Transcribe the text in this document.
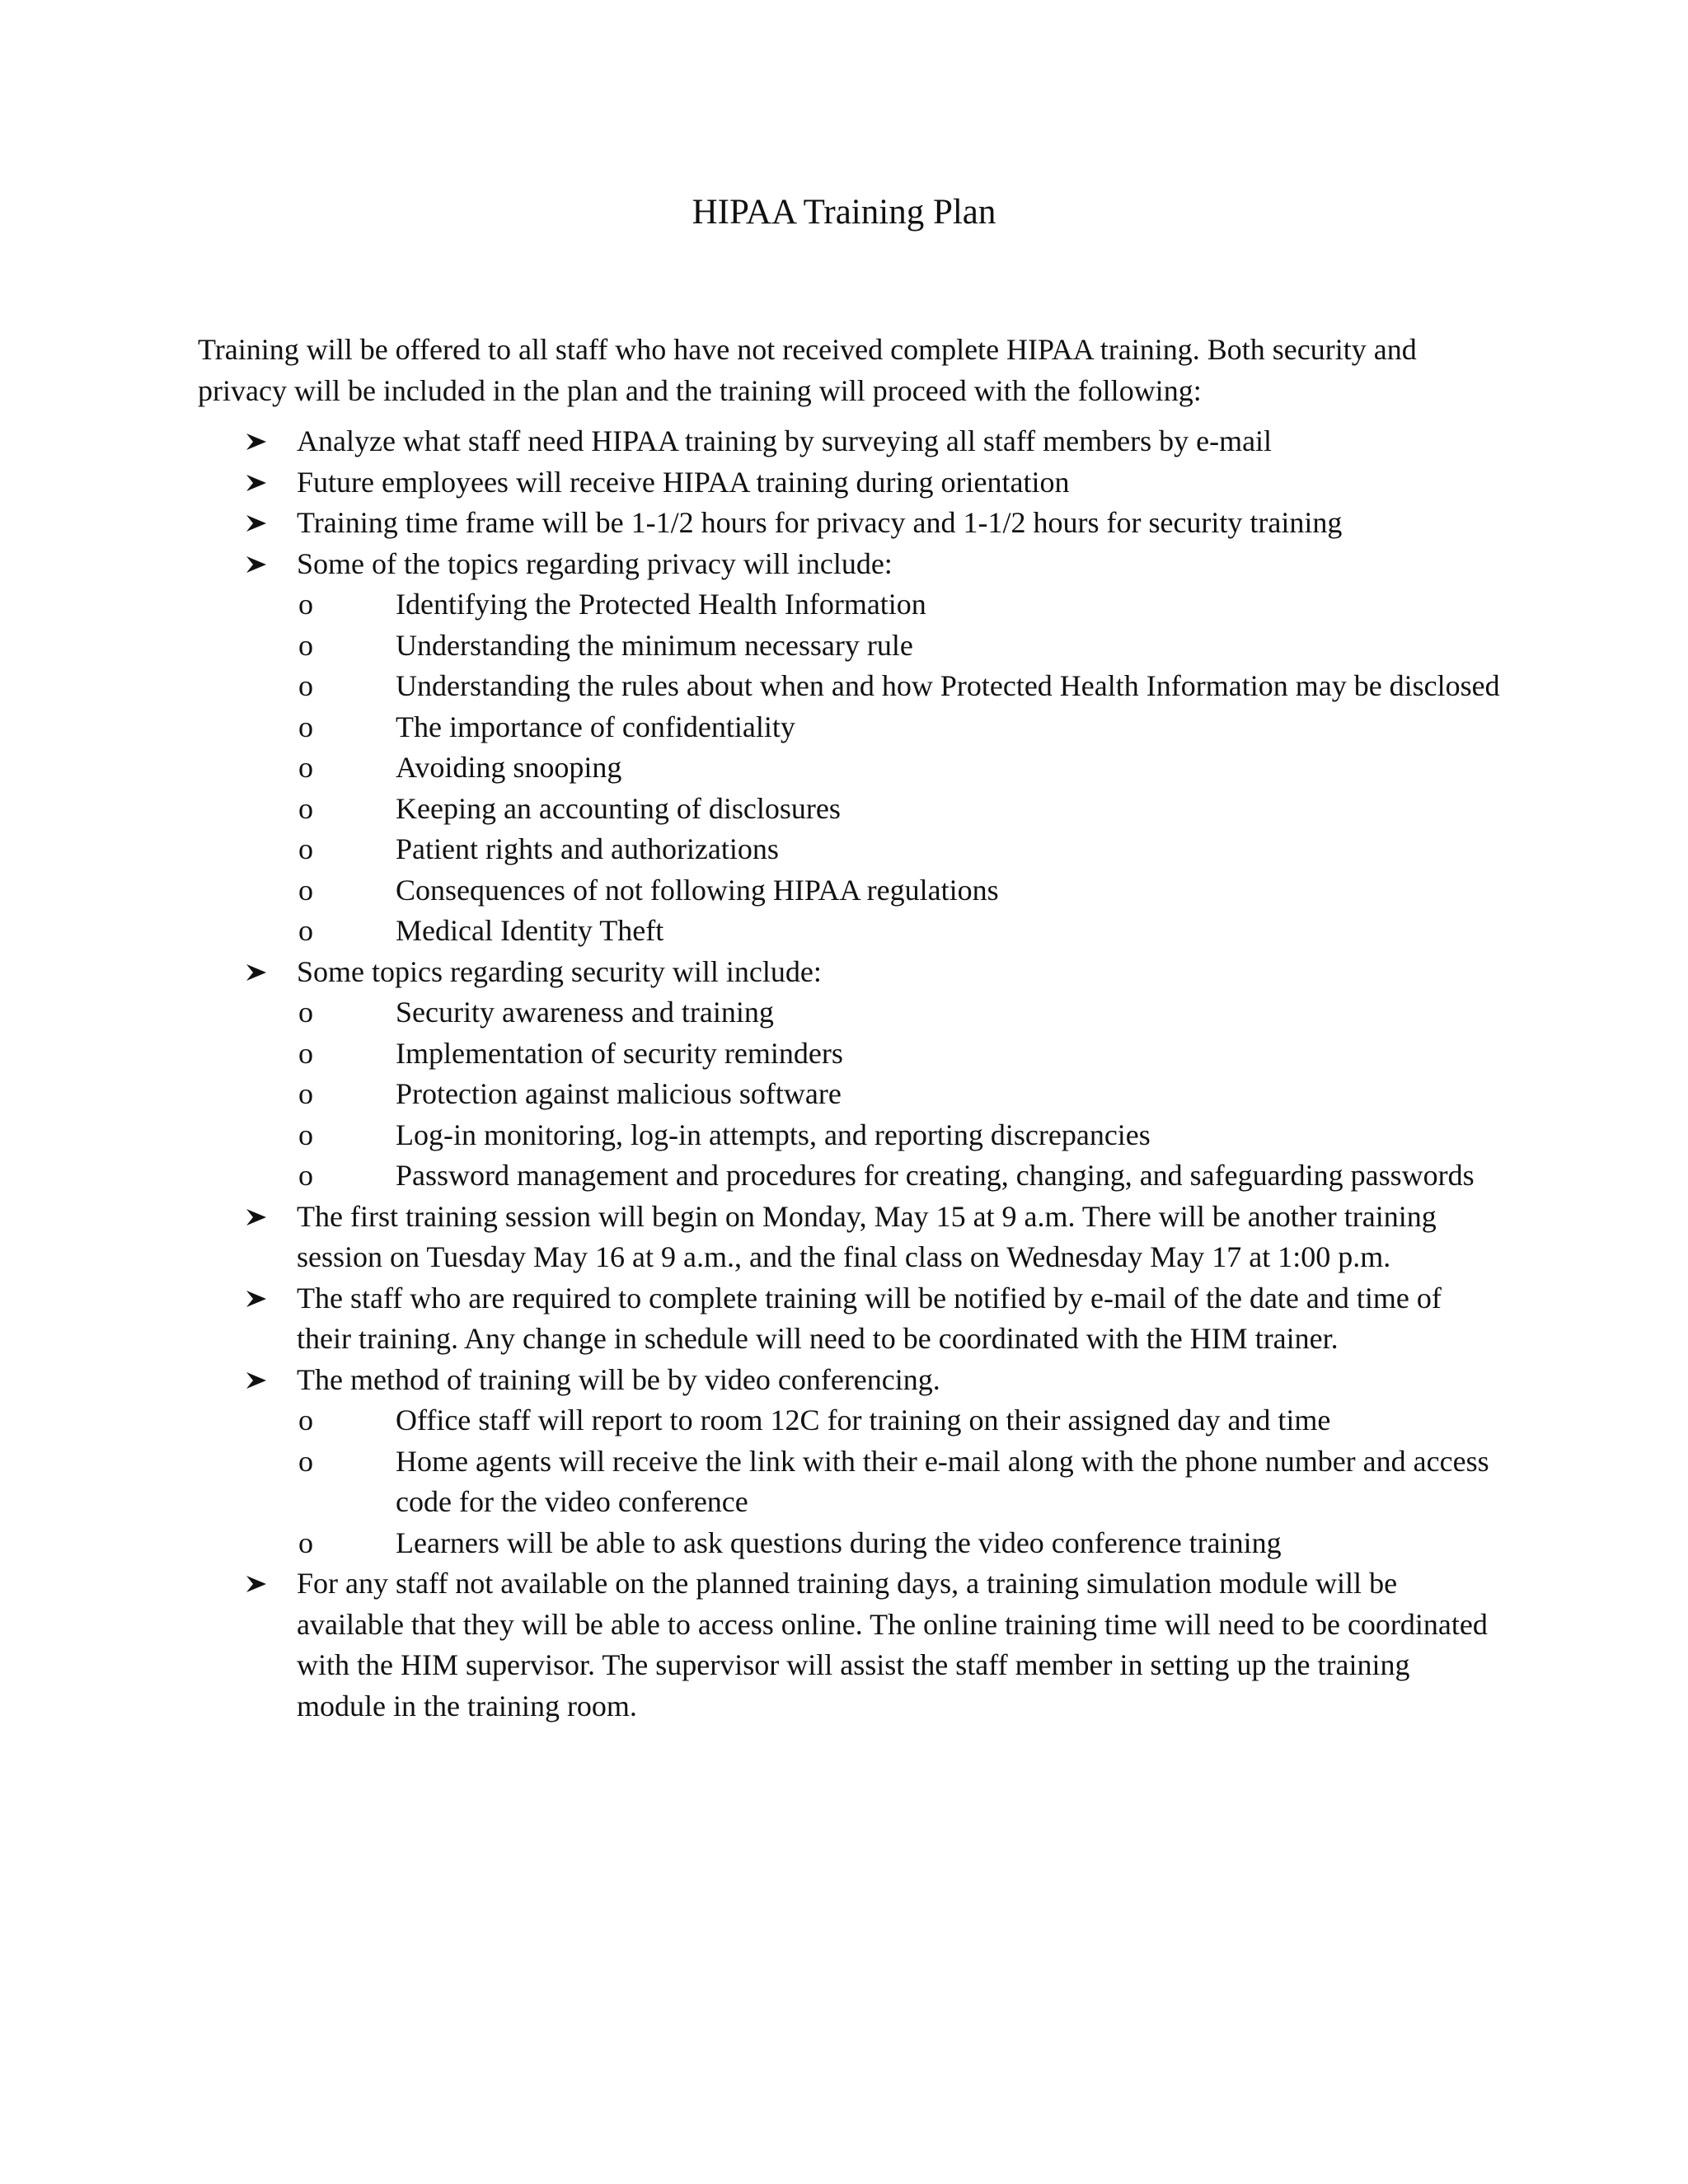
HIPAA Training Plan

Training will be offered to all staff who have not received complete HIPAA training. Both security and privacy will be included in the plan and the training will proceed with the following:

Analyze what staff need HIPAA training by surveying all staff members by e-mail
Future employees will receive HIPAA training during orientation
Training time frame will be 1-1/2 hours for privacy and 1-1/2 hours for security training
Some of the topics regarding privacy will include:
o	Identifying the Protected Health Information
o	Understanding the minimum necessary rule
o	Understanding the rules about when and how Protected Health Information may be disclosed
o	The importance of confidentiality
o	Avoiding snooping
o	Keeping an accounting of disclosures
o	Patient rights and authorizations
o	Consequences of not following HIPAA regulations
o	Medical Identity Theft
Some topics regarding security will include:
o	Security awareness and training
o	Implementation of security reminders
o	Protection against malicious software
o	Log-in monitoring, log-in attempts, and reporting discrepancies
o	Password management and procedures for creating, changing, and safeguarding passwords
The first training session will begin on Monday, May 15 at 9 a.m. There will be another training session on Tuesday May 16 at 9 a.m., and the final class on Wednesday May 17 at 1:00 p.m.
The staff who are required to complete training will be notified by e-mail of the date and time of their training. Any change in schedule will need to be coordinated with the HIM trainer.
The method of training will be by video conferencing.
o	Office staff will report to room 12C for training on their assigned day and time
o	Home agents will receive the link with their e-mail along with the phone number and access code for the video conference
o	Learners will be able to ask questions during the video conference training
For any staff not available on the planned training days, a training simulation module will be available that they will be able to access online. The online training time will need to be coordinated with the HIM supervisor. The supervisor will assist the staff member in setting up the training module in the training room.
